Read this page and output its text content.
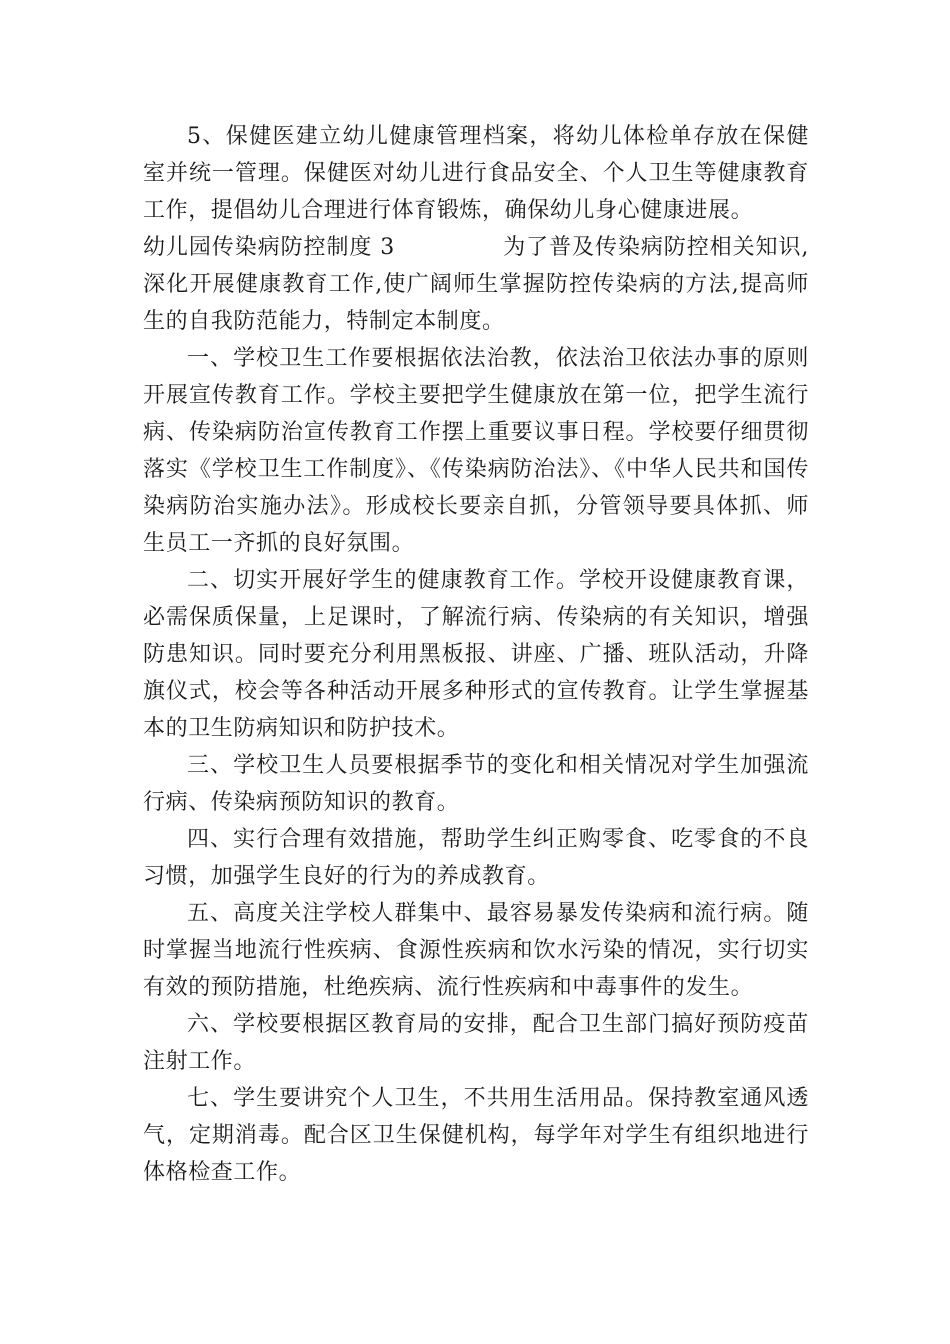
5、保健医建立幼儿健康管理档案，将幼儿体检单存放在保健室并统一管理。保健医对幼儿进行食品安全、个人卫生等健康教育工作，提倡幼儿合理进行体育锻炼，确保幼儿身心健康进展。

幼儿园传染病防控制度 3	为了普及传染病防控相关知识,深化开展健康教育工作,使广阔师生掌握防控传染病的方法,提高师生的自我防范能力，特制定本制度。

一、学校卫生工作要根据依法治教，依法治卫依法办事的原则开展宣传教育工作。学校主要把学生健康放在第一位，把学生流行病、传染病防治宣传教育工作摆上重要议事日程。学校要仔细贯彻落实《学校卫生工作制度》、《传染病防治法》、《中华人民共和国传染病防治实施办法》。形成校长要亲自抓，分管领导要具体抓、师生员工一齐抓的良好氛围。

二、切实开展好学生的健康教育工作。学校开设健康教育课，必需保质保量，上足课时，了解流行病、传染病的有关知识，增强防患知识。同时要充分利用黑板报、讲座、广播、班队活动，升降旗仪式，校会等各种活动开展多种形式的宣传教育。让学生掌握基本的卫生防病知识和防护技术。

三、学校卫生人员要根据季节的变化和相关情况对学生加强流行病、传染病预防知识的教育。

四、实行合理有效措施，帮助学生纠正购零食、吃零食的不良习惯，加强学生良好的行为的养成教育。

五、高度关注学校人群集中、最容易暴发传染病和流行病。随时掌握当地流行性疾病、食源性疾病和饮水污染的情况，实行切实有效的预防措施，杜绝疾病、流行性疾病和中毒事件的发生。

六、学校要根据区教育局的安排，配合卫生部门搞好预防疫苗注射工作。

七、学生要讲究个人卫生，不共用生活用品。保持教室通风透气，定期消毒。配合区卫生保健机构，每学年对学生有组织地进行体格检查工作。
